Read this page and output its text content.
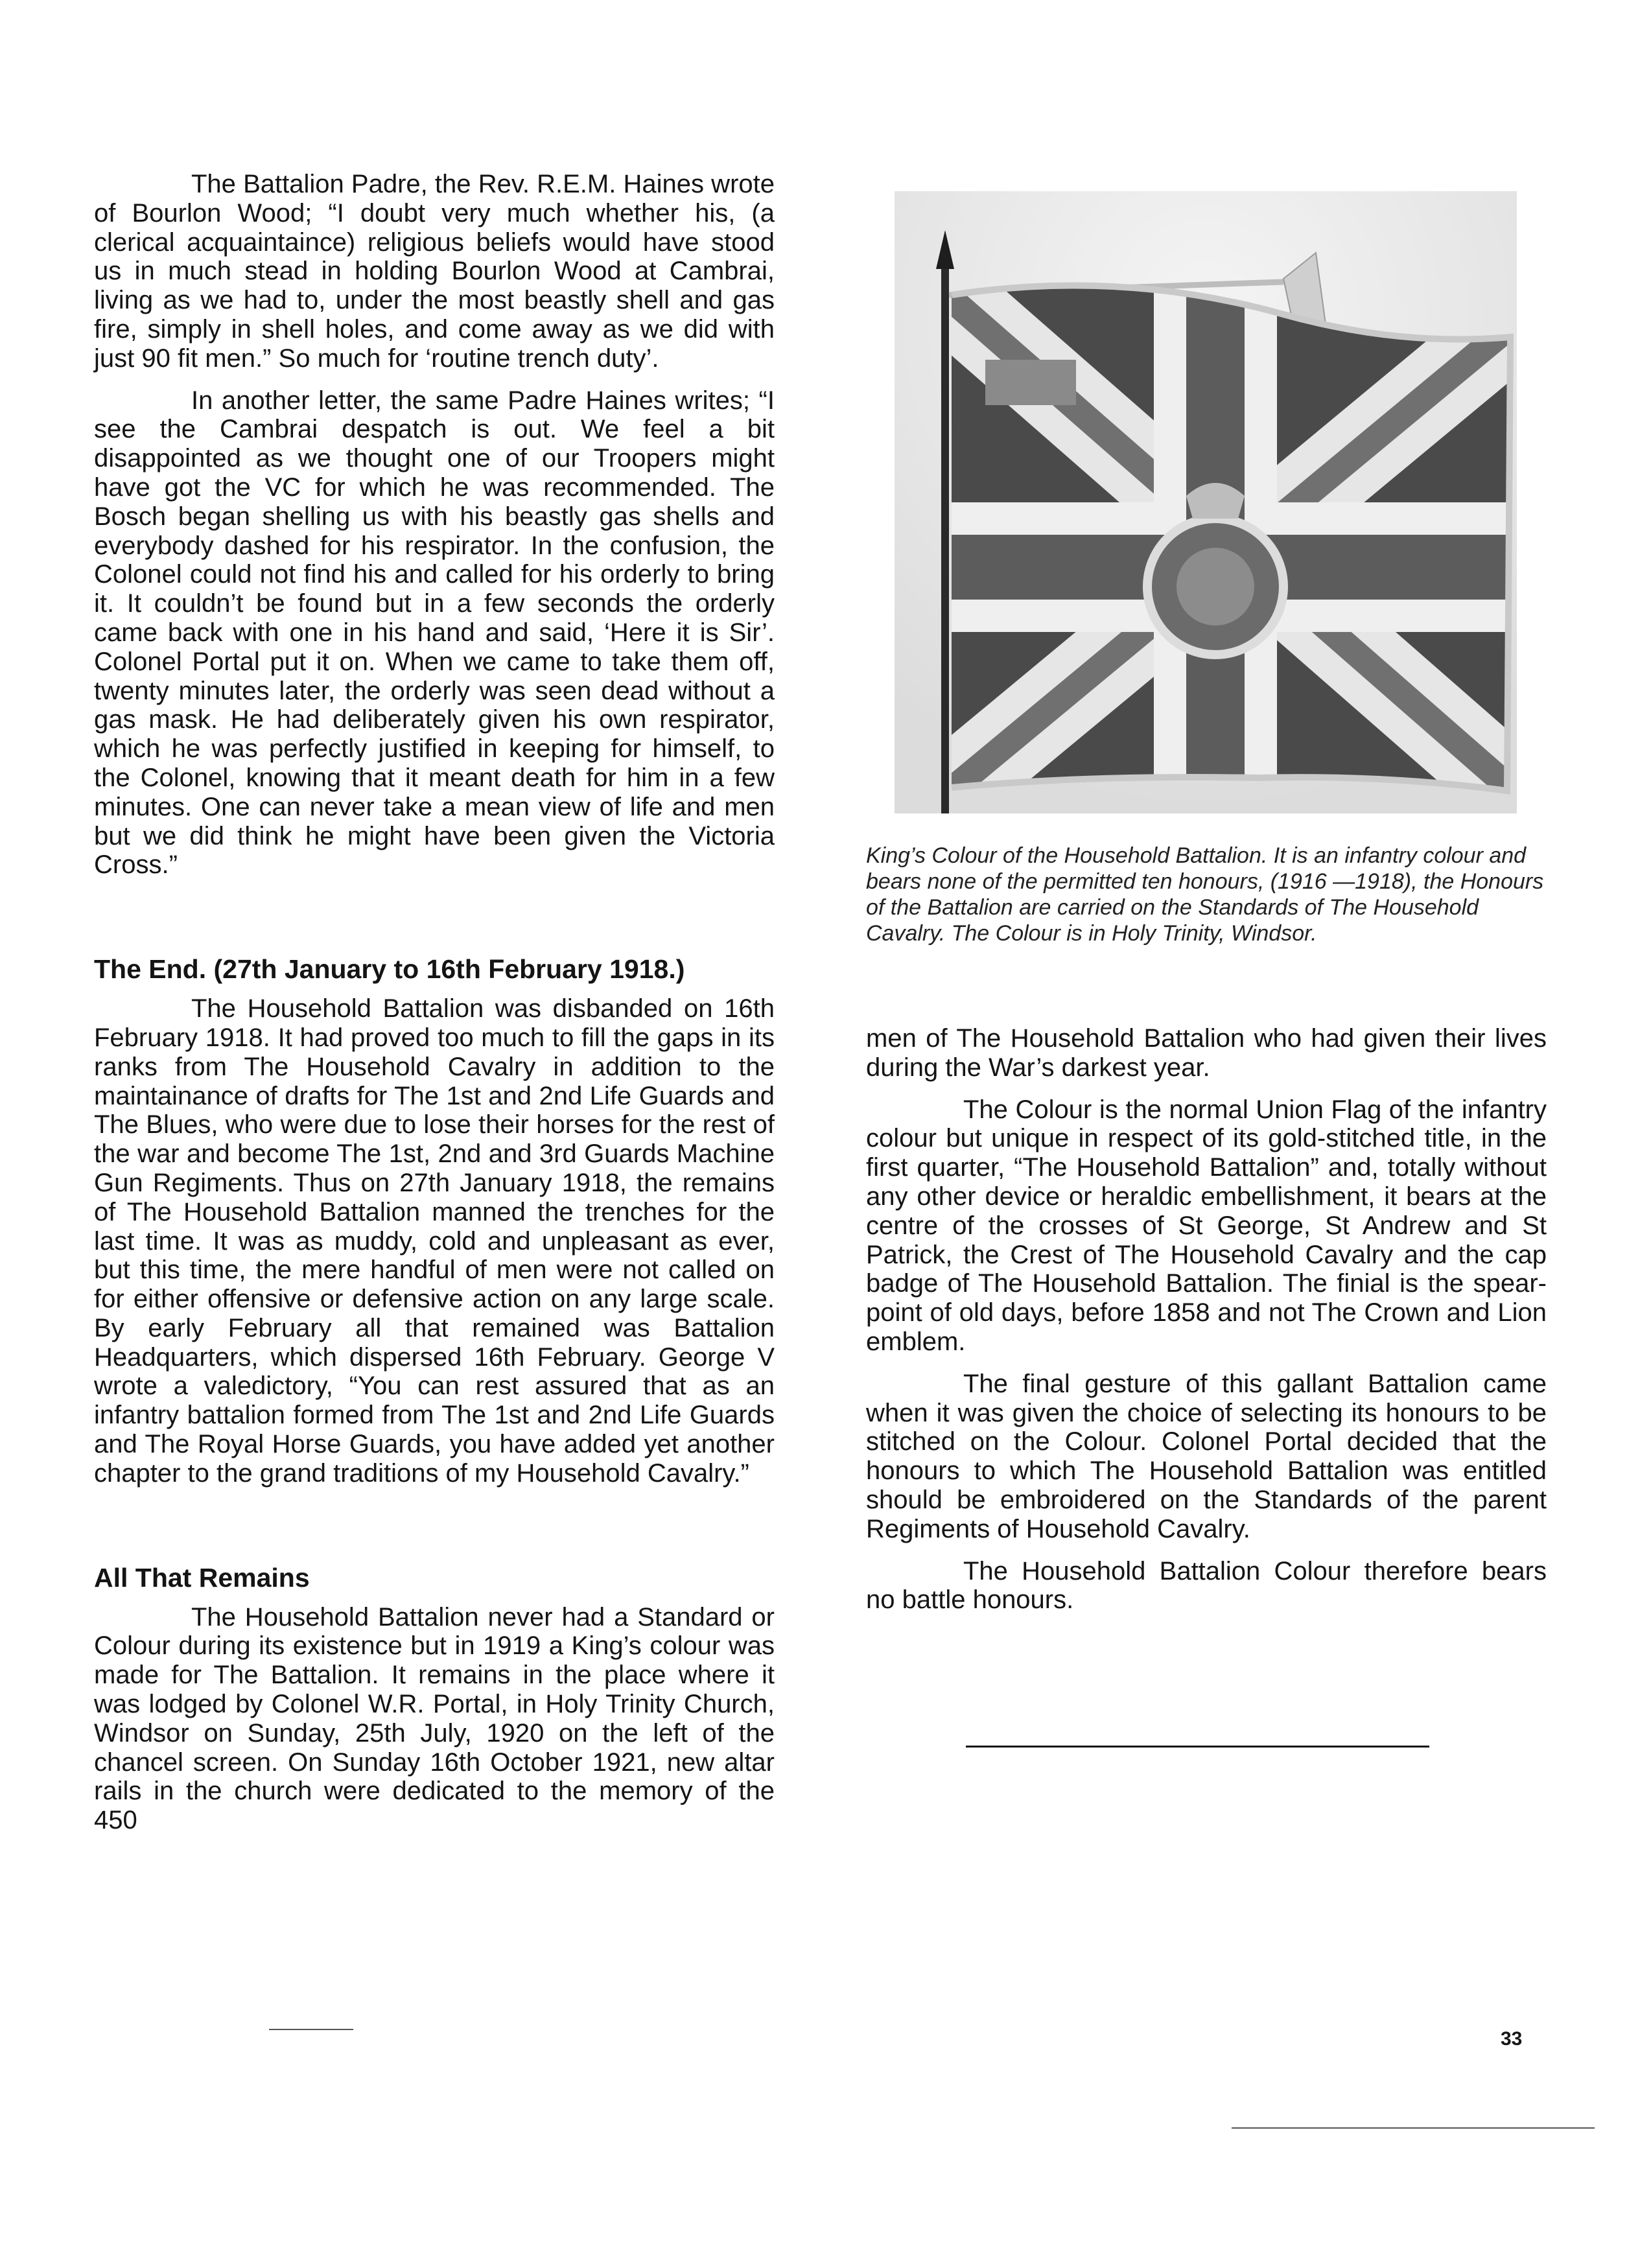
The Battalion Padre, the Rev. R.E.M. Haines wrote of Bourlon Wood; “I doubt very much whether his, (a clerical acquaintaince) religious beliefs would have stood us in much stead in holding Bourlon Wood at Cambrai, living as we had to, under the most beastly shell and gas fire, simply in shell holes, and come away as we did with just 90 fit men.” So much for ‘routine trench duty’.

In another letter, the same Padre Haines writes; “I see the Cambrai despatch is out. We feel a bit disappointed as we thought one of our Troopers might have got the VC for which he was recommended. The Bosch began shelling us with his beastly gas shells and everybody dashed for his respirator. In the confusion, the Colonel could not find his and called for his orderly to bring it. It couldn’t be found but in a few seconds the orderly came back with one in his hand and said, ‘Here it is Sir’. Colonel Portal put it on. When we came to take them off, twenty minutes later, the orderly was seen dead without a gas mask. He had deliberately given his own respirator, which he was perfectly justified in keeping for himself, to the Colonel, knowing that it meant death for him in a few minutes. One can never take a mean view of life and men but we did think he might have been given the Victoria Cross.”

The End. (27th January to 16th February 1918.)

The Household Battalion was disbanded on 16th February 1918. It had proved too much to fill the gaps in its ranks from The Household Cavalry in addition to the maintainance of drafts for The 1st and 2nd Life Guards and The Blues, who were due to lose their horses for the rest of the war and become The 1st, 2nd and 3rd Guards Machine Gun Regiments. Thus on 27th January 1918, the remains of The Household Battalion manned the trenches for the last time. It was as muddy, cold and unpleasant as ever, but this time, the mere handful of men were not called on for either offensive or defensive action on any large scale. By early February all that remained was Battalion Headquarters, which dispersed 16th February. George V wrote a valedictory, “You can rest assured that as an infantry battalion formed from The 1st and 2nd Life Guards and The Royal Horse Guards, you have added yet another chapter to the grand traditions of my Household Cavalry.”

All That Remains

The Household Battalion never had a Standard or Colour during its existence but in 1919 a King’s colour was made for The Battalion. It remains in the place where it was lodged by Colonel W.R. Portal, in Holy Trinity Church, Windsor on Sunday, 25th July, 1920 on the left of the chancel screen. On Sunday 16th October 1921, new altar rails in the church were dedicated to the memory of the 450

King’s Colour of the Household Battalion. It is an infantry colour and bears none of the permitted ten honours, (1916 —1918), the Honours of the Battalion are carried on the Standards of The Household Cavalry. The Colour is in Holy Trinity, Windsor.

men of The Household Battalion who had given their lives during the War’s darkest year.

The Colour is the normal Union Flag of the infantry colour but unique in respect of its gold-stitched title, in the first quarter, “The Household Battalion” and, totally without any other device or heraldic embellishment, it bears at the centre of the crosses of St George, St Andrew and St Patrick, the Crest of The Household Cavalry and the cap badge of The Household Battalion. The finial is the spear-point of old days, before 1858 and not The Crown and Lion emblem.

The final gesture of this gallant Battalion came when it was given the choice of selecting its honours to be stitched on the Colour. Colonel Portal decided that the honours to which The Household Battalion was entitled should be embroidered on the Standards of the parent Regiments of Household Cavalry.

The Household Battalion Colour therefore bears no battle honours.

33
